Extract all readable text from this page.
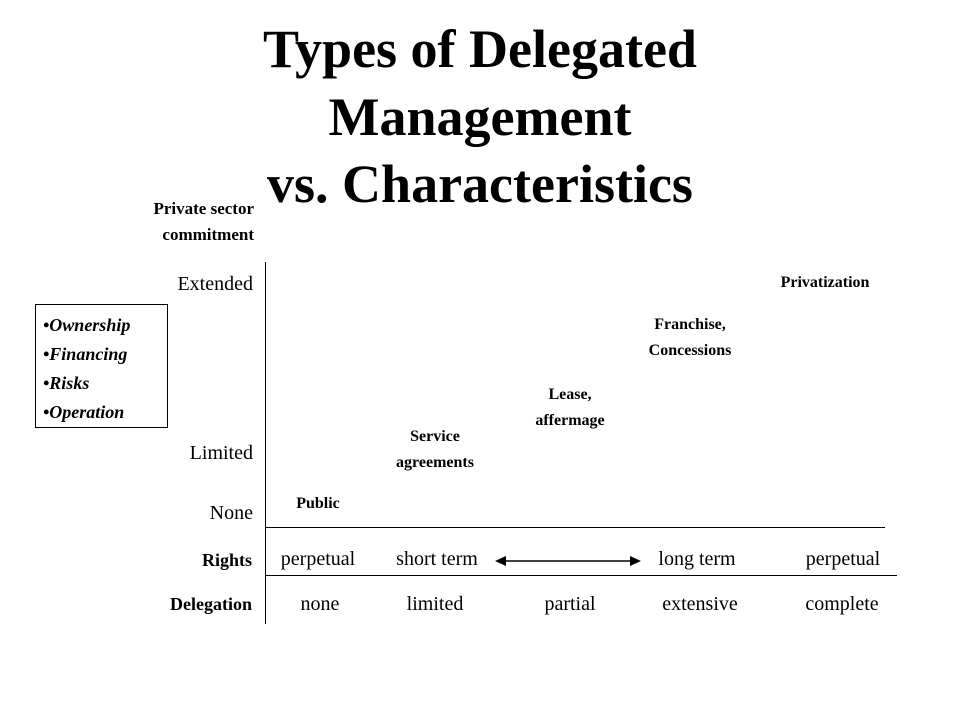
Types of Delegated
Management
vs. Characteristics
Private sector
commitment
Extended
Limited
None
•Ownership
•Financing
•Risks
•Operation
Public
Service
agreements
Lease,
affermage
Franchise,
Concessions
Privatization
Rights	perpetual	short term	long term	perpetual
Delegation	none	limited	partial	extensive	complete
